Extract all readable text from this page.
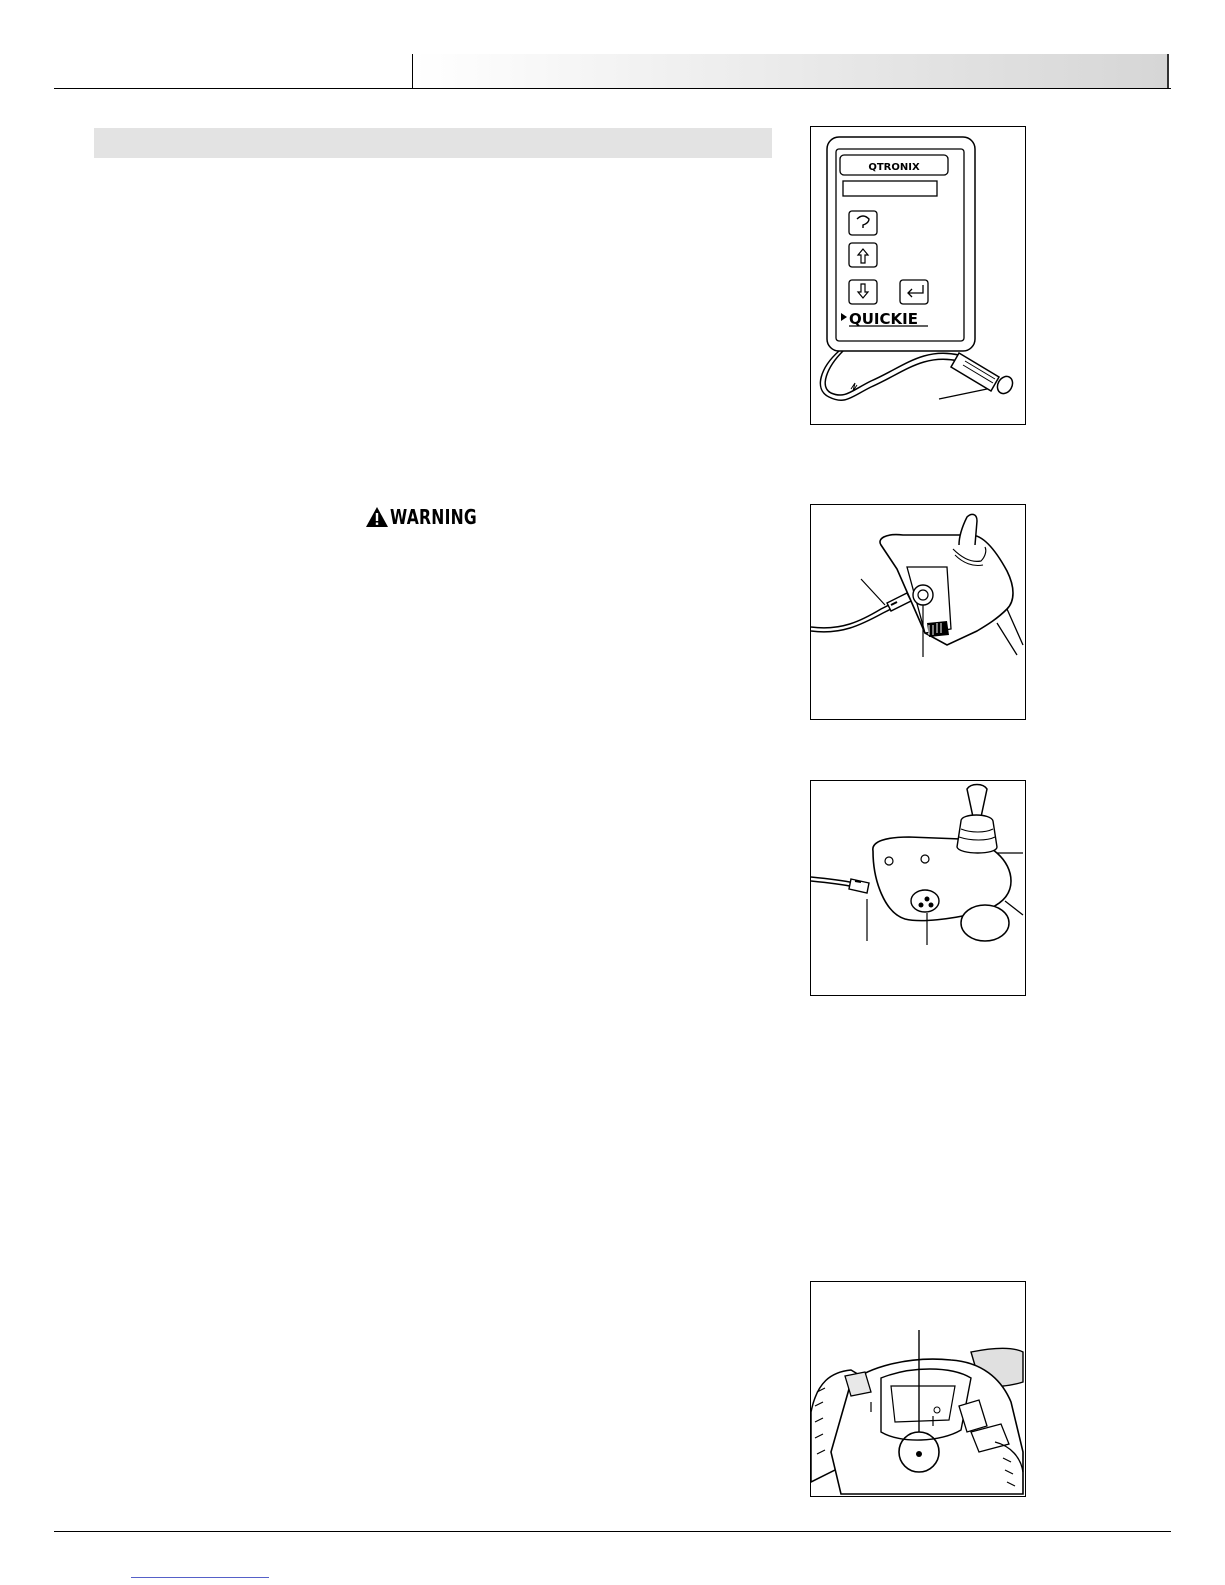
WARNING
QTRONIX
QUICKIE
